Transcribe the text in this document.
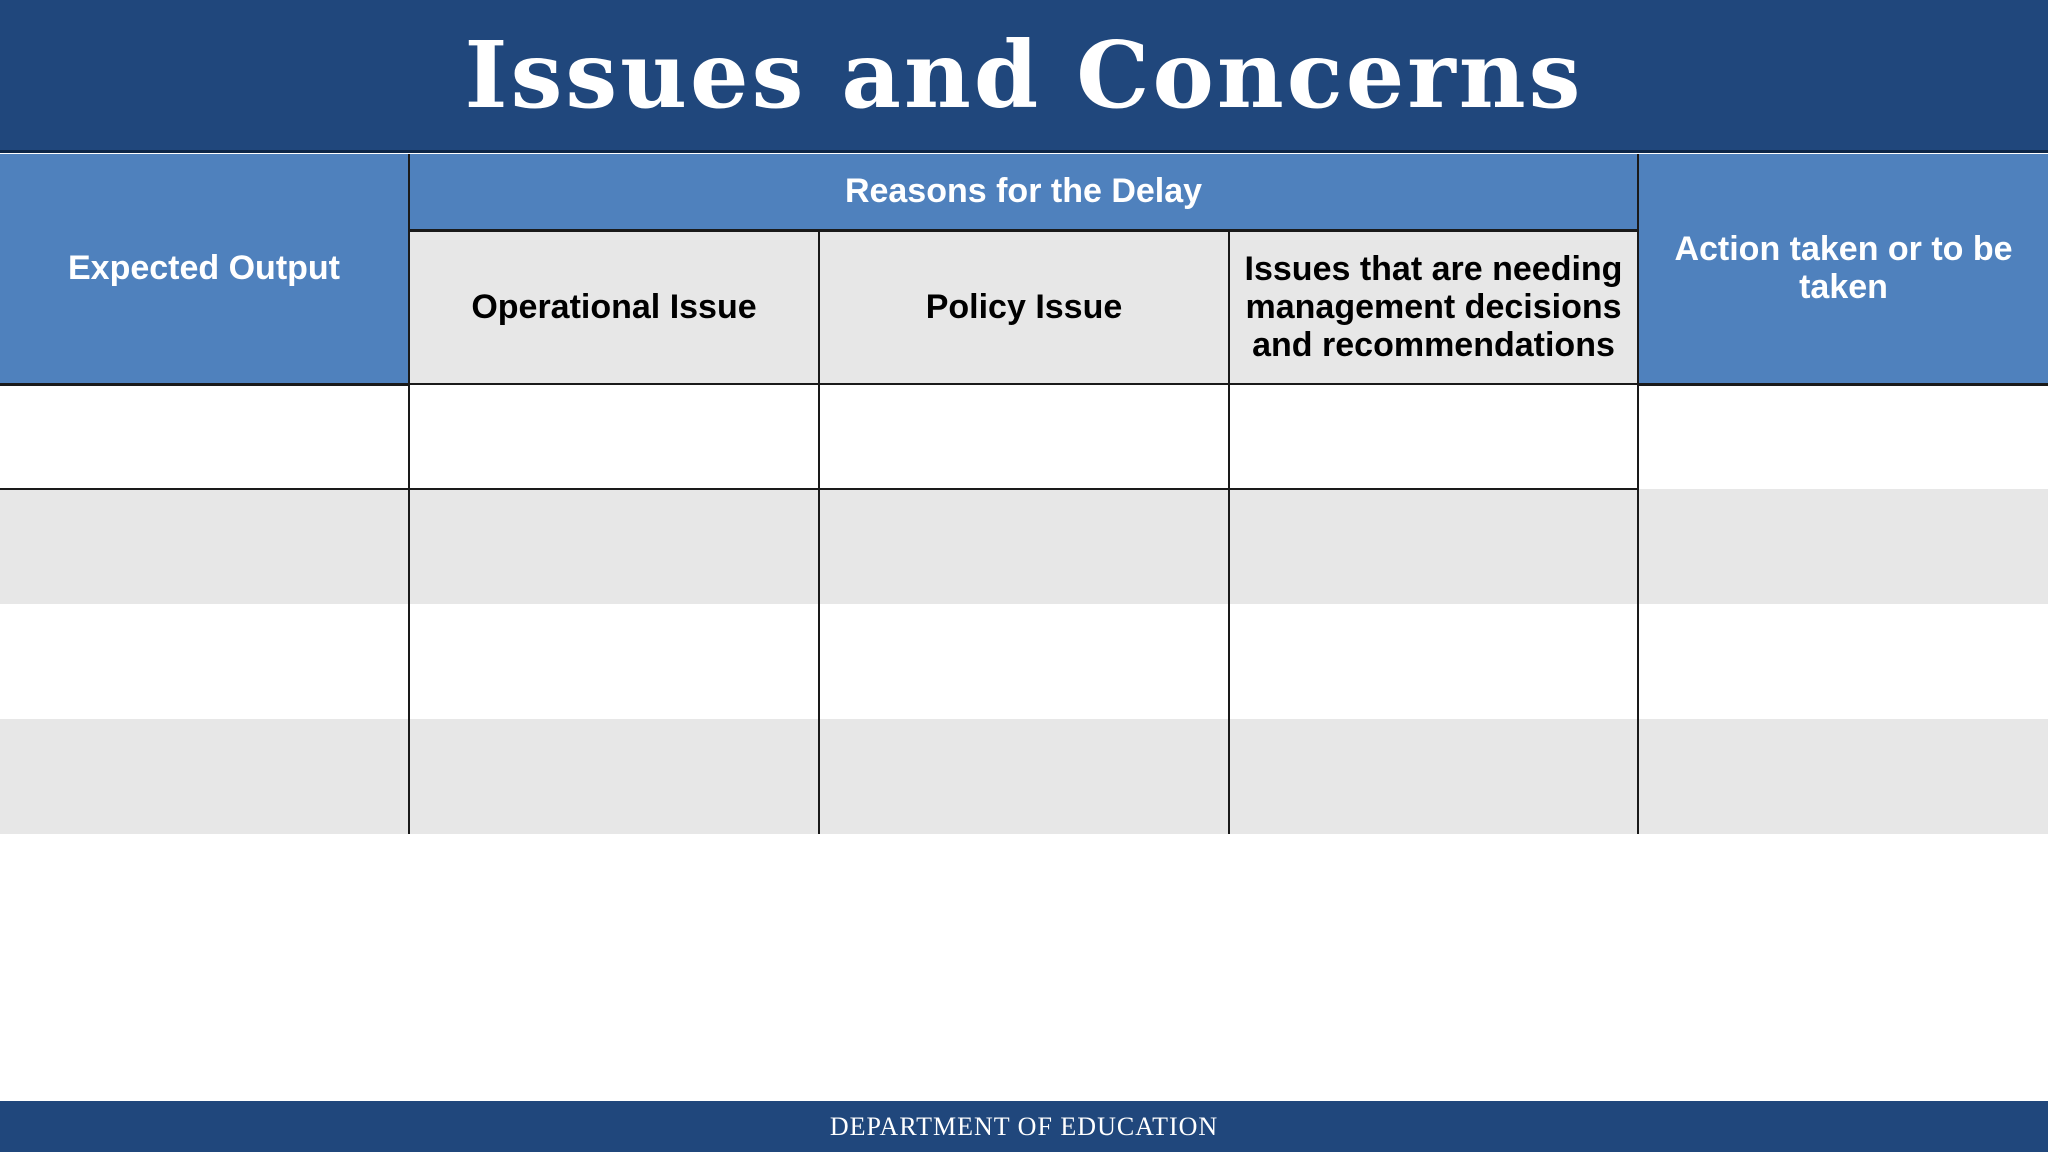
Issues and Concerns
Expected Output	Reasons for the Delay			Action taken or to be taken
	Operational Issue	Policy Issue	Issues that are needing management decisions and recommendations	

DEPARTMENT OF EDUCATION
